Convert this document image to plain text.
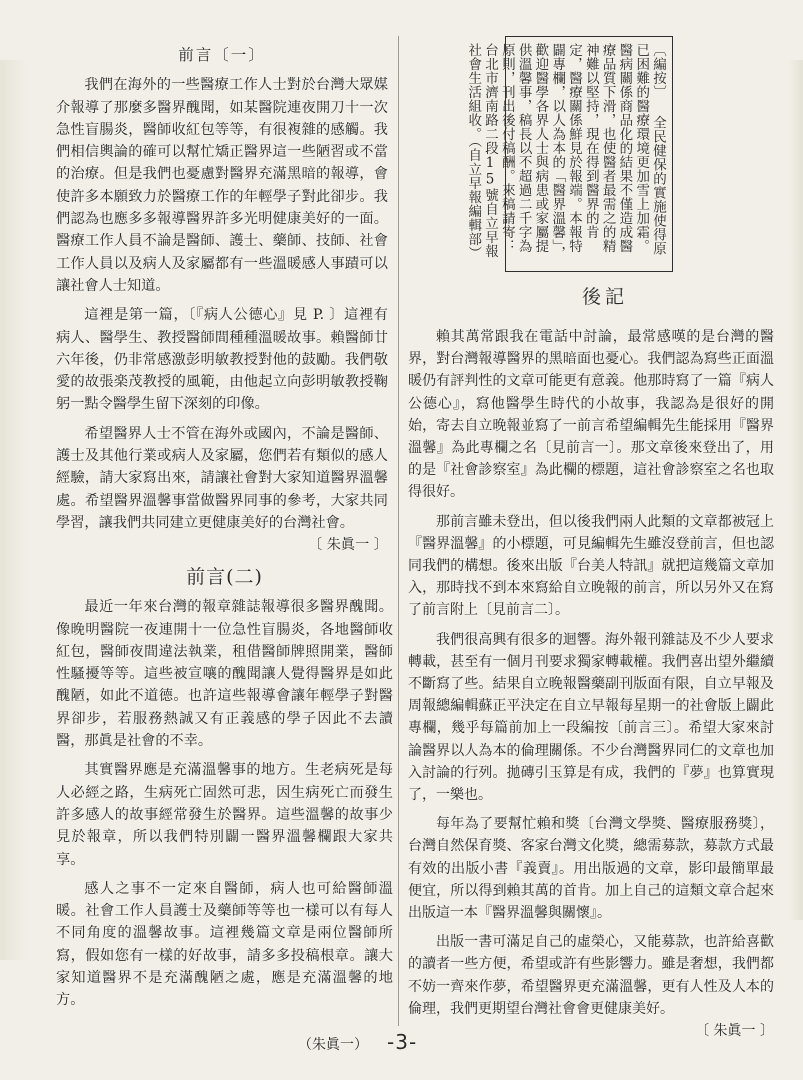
前言〔一〕

我們在海外的一些醫療工作人士對於台灣大眾媒介報導了那麼多醫界醜聞，如某醫院連夜開刀十一次急性盲腸炎，醫師收紅包等等，有很複雜的感觸。我們相信輿論的確可以幫忙矯正醫界這一些陋習或不當的治療。但是我們也憂慮對醫界充滿黑暗的報導，會使許多本願致力於醫療工作的年輕學子對此卻步。我們認為也應多多報導醫界許多光明健康美好的一面。醫療工作人員不論是醫師、護士、藥師、技師、社會工作人員以及病人及家屬都有一些溫暖感人事蹟可以讓社會人士知道。

這裡是第一篇，〔『病人公德心』見 P. 〕這裡有病人、醫學生、教授醫師間種種溫暖故事。賴醫師廿六年後，仍非常感激彭明敏教授對他的鼓勵。我們敬愛的故張楽茂教授的風範，由他起立向彭明敏教授鞠躬一點令醫學生留下深刻的印像。

希望醫界人士不管在海外或國內，不論是醫師、護士及其他行業或病人及家屬，您們若有類似的感人經驗，請大家寫出來，請讓社會對大家知道醫界溫馨處。希望醫界溫馨事當做醫界同事的參考，大家共同學習，讓我們共同建立更健康美好的台灣社會。
〔 朱眞一 〕

前言(二)

最近一年來台灣的報章雜誌報導很多醫界醜聞。像晚明醫院一夜連開十一位急性盲腸炎，各地醫師收紅包，醫師夜間違法執業，租借醫師牌照開業，醫師性騷擾等等。這些被宣嚷的醜聞讓人覺得醫界是如此醜陋，如此不道德。也許這些報導會讓年輕學子對醫界卻步，若服務熱誠又有正義感的學子因此不去讀醫，那眞是社會的不幸。

其實醫界應是充滿溫馨事的地方。生老病死是每人必經之路，生病死亡固然可悲，因生病死亡而發生許多感人的故事經常發生於醫界。這些溫馨的故事少見於報章，所以我們特別闢一醫界溫馨欄跟大家共享。

感人之事不一定來自醫師，病人也可給醫師溫暖。社會工作人員護士及藥師等等也一樣可以有每人不同角度的溫馨故事。這裡幾篇文章是兩位醫師所寫，假如您有一樣的好故事，請多多投稿根章。讓大家知道醫界不是充滿醜陋之處，應是充滿溫馨的地方。

〔編按〕 全民健保的實施使得原已困難的醫療環境更加雪上加霜。醫病關係商品化的結果不僅造成醫療品質下滑，也使醫者最需之的精神難以堅持，現在得到醫界的肯定，醫療關係鮮見於報端。本報特闢專欄，以人為本的「醫界溫馨」，歡迎醫學各界人士與病患或家屬提供溫馨事，稿長以不超過二千字為原則，刊出後付稿酬。來稿請寄：台北市濟南路二段15號自立早報社會生活組收。（自立早報編輯部）
後記

賴其萬常跟我在電話中討論，最常感嘆的是台灣的醫界，對台灣報導醫界的黑暗面也憂心。我們認為寫些正面溫暖仍有評判性的文章可能更有意義。他那時寫了一篇『病人公德心』，寫他醫學生時代的小故事，我認為是很好的開始，寄去自立晚報並寫了一前言希望編輯先生能採用『醫界溫馨』為此專欄之名〔見前言一〕。那文章後來登出了，用的是『社會診察室』為此欄的標題，這社會診察室之名也取得很好。

那前言雖未登出，但以後我們兩人此類的文章都被冠上『醫界溫馨』的小標題，可見編輯先生雖沒登前言，但也認同我們的構想。後來出版『台美人特訊』就把這幾篇文章加入，那時找不到本來寫給自立晚報的前言，所以另外又在寫了前言附上〔見前言二〕。

我們很高興有很多的迴響。海外報刊雜誌及不少人要求轉載，甚至有一個月刊要求獨家轉載權。我們喜出望外繼續不斷寫了些。結果自立晚報醫藥副刊版面有限，自立早報及周報總編輯蘇正平決定在自立早報每星期一的社會版上闢此專欄，幾乎每篇前加上一段編按〔前言三〕。希望大家來討論醫界以人為本的倫理關係。不少台灣醫界同仁的文章也加入討論的行列。拋磚引玉算是有成，我們的『夢』也算實現了，一樂也。

每年為了要幫忙賴和獎〔台灣文學獎、醫療服務獎〕，台灣自然保育獎、客家台灣文化獎，總需募款，募款方式最有效的出版小書『義賣』。用出版過的文章，影印最簡單最便宜，所以得到賴其萬的首肯。加上自己的這類文章合起來出版這一本『醫界溫馨與關懷』。

出版一書可滿足自己的虛榮心，又能募款，也許給喜歡的讀者一些方便，希望或許有些影響力。雖是奢想，我們都不妨一齊來作夢，希望醫界更充滿溫馨，更有人性及人本的倫理，我們更期望台灣社會會更健康美好。
〔 朱眞一 〕

（朱眞一） -3-
